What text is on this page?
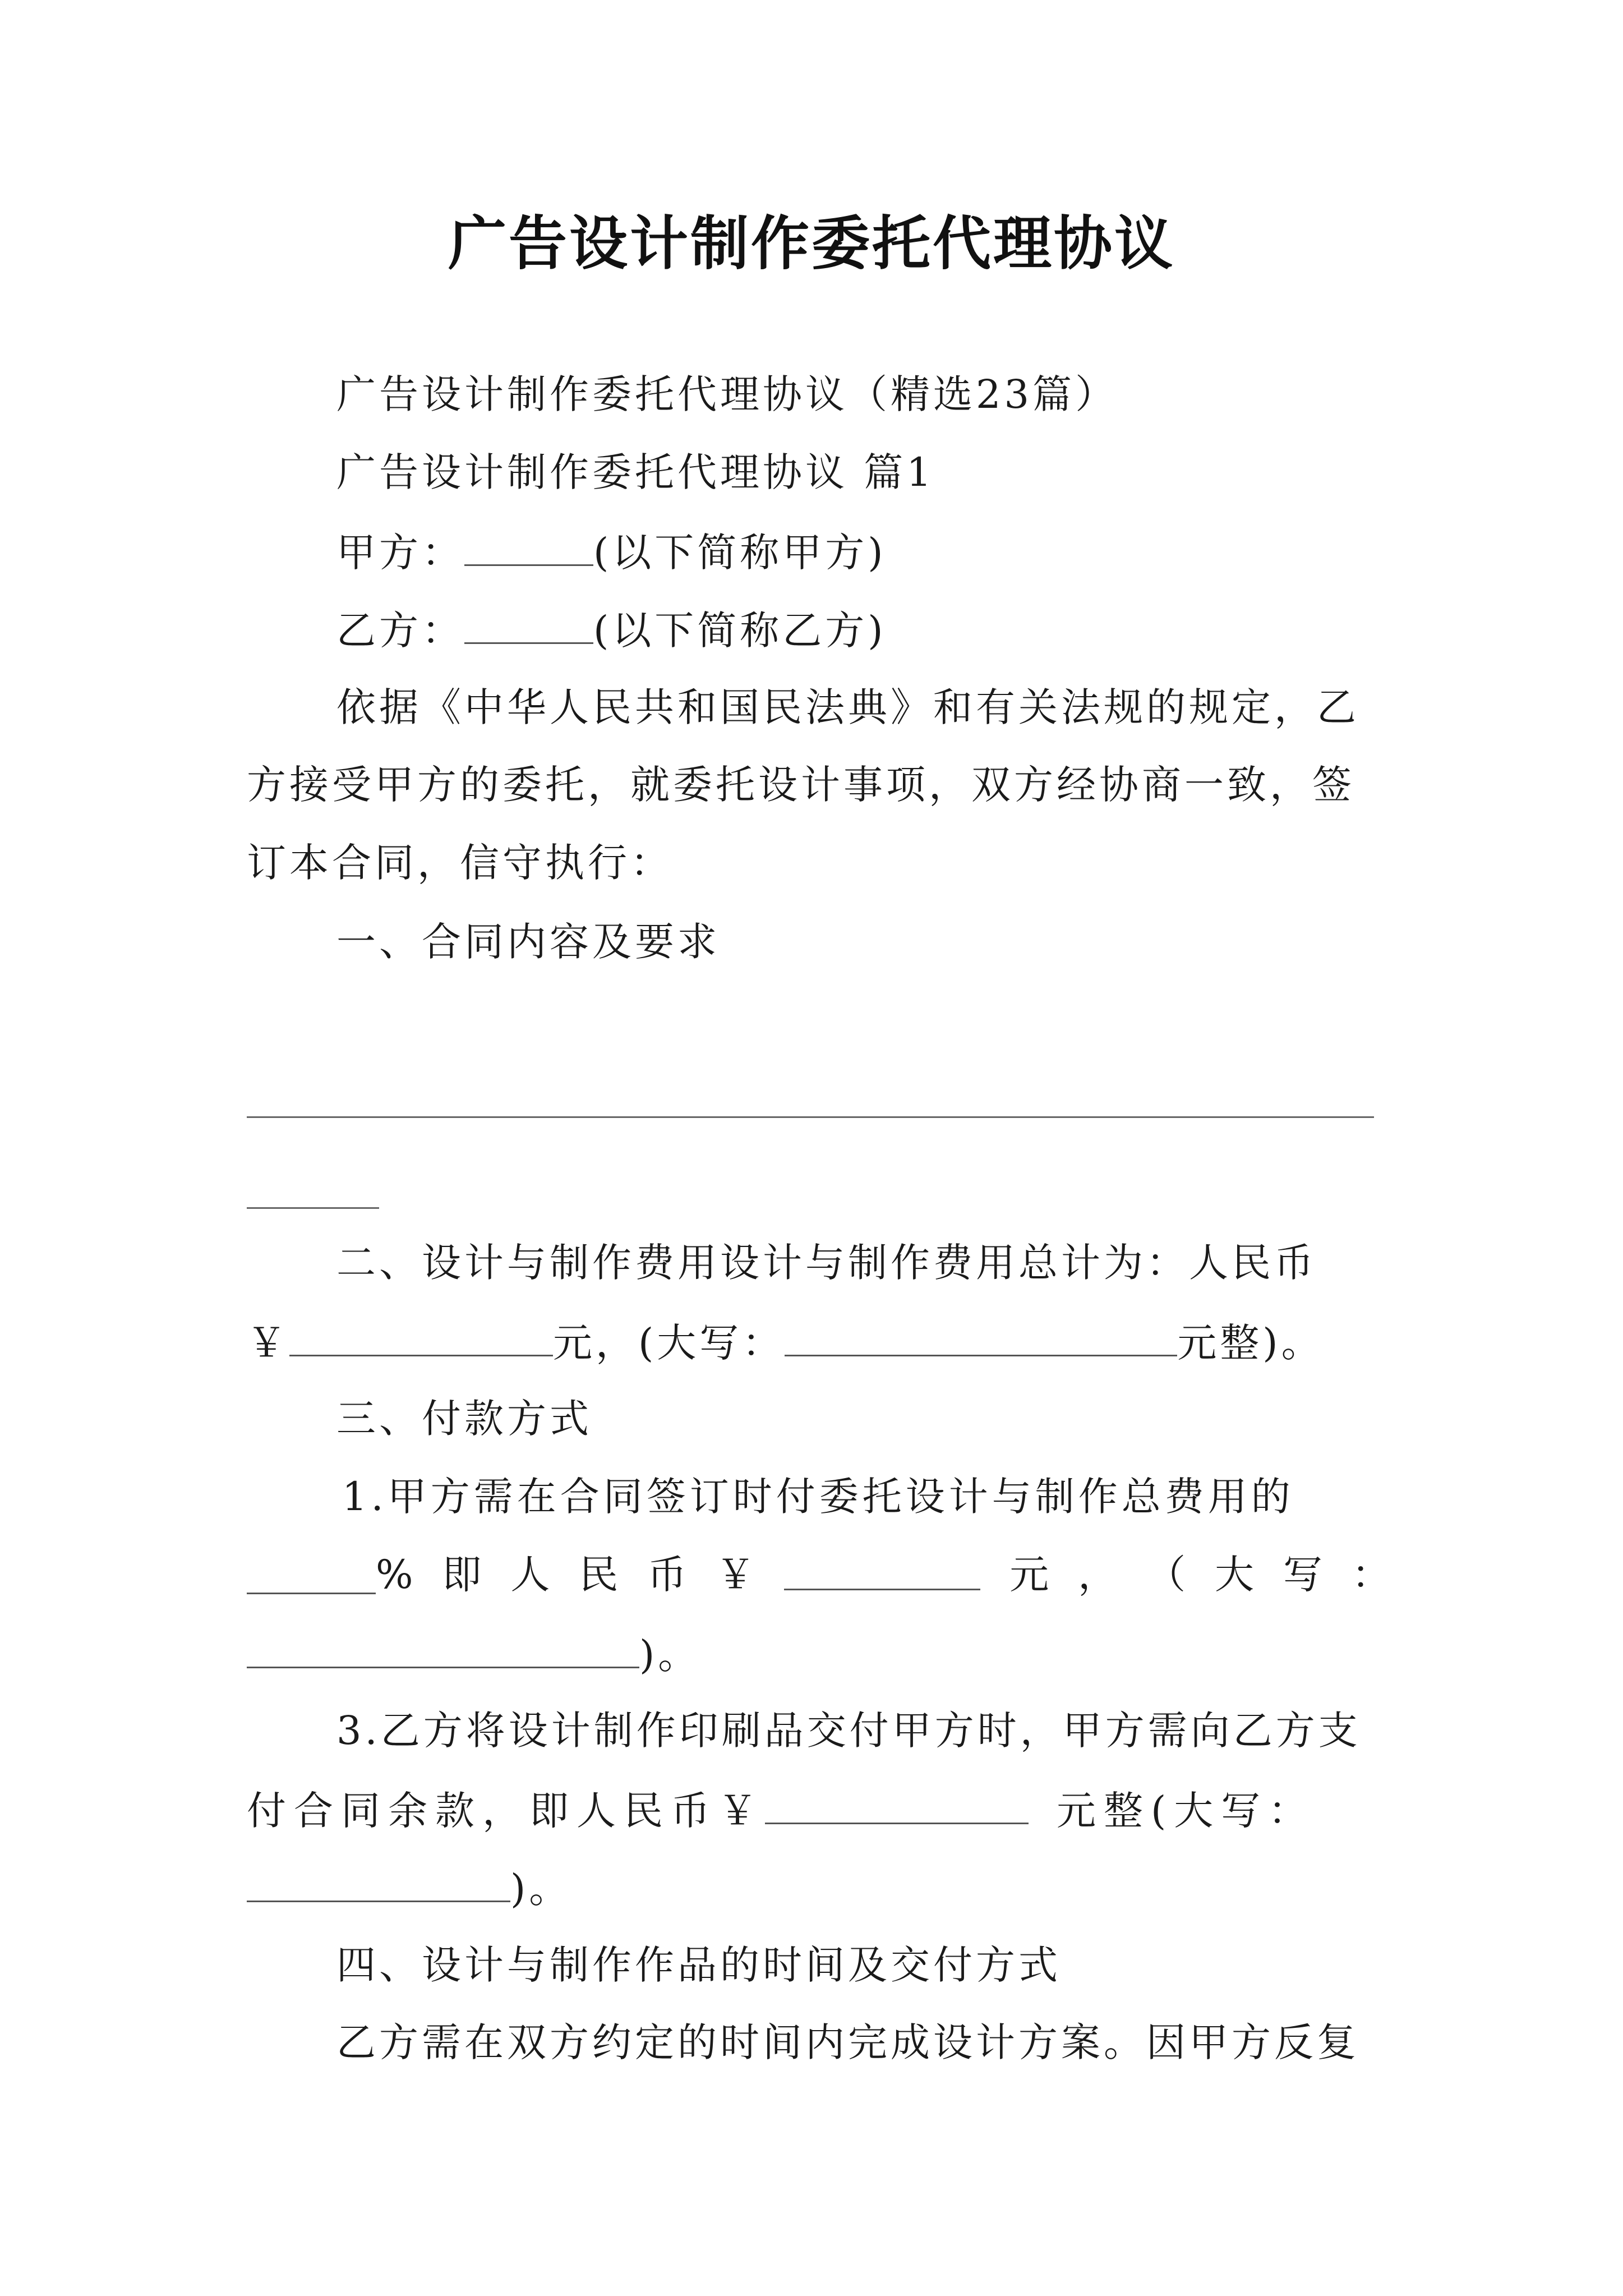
广告设计制作委托代理协议
广告设计制作委托代理协议（精选23篇）
广告设计制作委托代理协议 篇1
甲方：	(以下简称甲方)
乙方：	(以下简称乙方)
依据《中华人民共和国民法典》和有关法规的规定，乙
方接受甲方的委托，就委托设计事项，双方经协商一致，签
订本合同，信守执行：
一、合同内容及要求
二、设计与制作费用设计与制作费用总计为：人民币
￥	元，(大写：	元整)。
三、付款方式
1.甲方需在合同签订时付委托设计与制作总费用的
% 即 人 民 币 ￥	元 ， （ 大 写 ：
)。
3.乙方将设计制作印刷品交付甲方时，甲方需向乙方支
付合同余款，即人民币￥	元整(大写：
)。
四、设计与制作作品的时间及交付方式
乙方需在双方约定的时间内完成设计方案。因甲方反复
